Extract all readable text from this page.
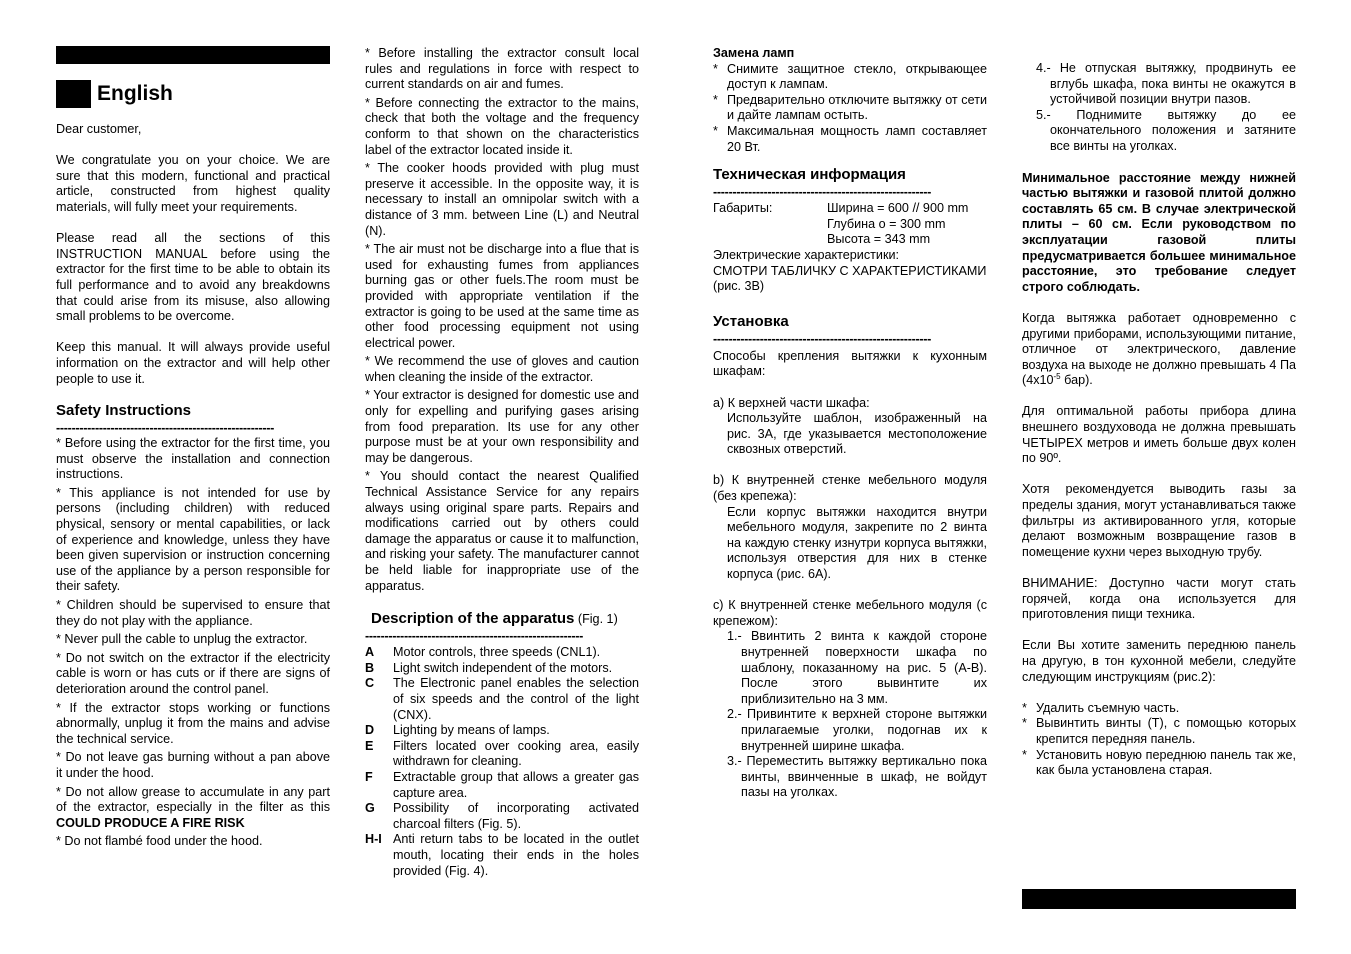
English

Dear customer,

We congratulate you on your choice. We are sure that this modern, functional and practical article, constructed from highest quality materials, will fully meet your requirements.

Please read all the sections of this INSTRUCTION MANUAL before using the extractor for the first time to be able to obtain its full performance and to avoid any breakdowns that could arise from its misuse, also allowing small problems to be overcome.

Keep this manual. It will always provide useful information on the extractor and will help other people to use it.

Safety Instructions
--------------------------------------------------------

* Before using the extractor for the first time, you must observe the installation and connection instructions.

* This appliance is not intended for use by persons (including children) with reduced physical, sensory or mental capabilities, or lack of experience and knowledge, unless they have been given supervision or instruction concerning use of the appliance by a person responsible for their safety.

* Children should be supervised to ensure that they do not play with the appliance.

* Never pull the cable to unplug the extractor.

* Do not switch on the extractor if the electricity cable is worn or has cuts or if there are signs of deterioration around the control panel.

* If the extractor stops working or functions abnormally, unplug it from the mains and advise the technical service.

* Do not leave gas burning without a pan above it under the hood.

* Do not allow grease to accumulate in any part of the extractor, especially in the filter as this COULD PRODUCE A FIRE RISK

* Do not flambé food under the hood.

* Before installing the extractor consult local rules and regulations in force with respect to current standards on air and fumes.

* Before connecting the extractor to the mains, check that both the voltage and the frequency conform to that shown on the characteristics label of the extractor located inside it.

* The cooker hoods provided with plug must preserve it accessible. In the opposite way, it is necessary to install an omnipolar switch with a distance of 3 mm. between Line (L) and Neutral (N).

* The air must not be discharge into a flue that is used for exhausting fumes from appliances burning gas or other fuels.The room must be provided with appropriate ventilation if the extractor is going to be used at the same time as other food processing equipment not using electrical power.

* We recommend the use of gloves and caution when cleaning the inside of the extractor.

* Your extractor is designed for domestic use and only for expelling and purifying gases arising from food preparation. Its use for any other purpose must be at your own responsibility and may be dangerous.

* You should contact the nearest Qualified Technical Assistance Service for any repairs always using original spare parts. Repairs and modifications carried out by others could damage the apparatus or cause it to malfunction, and risking your safety. The manufacturer cannot be held liable for inappropriate use of the apparatus.

Description of the apparatus (Fig. 1)
--------------------------------------------------------
A	Motor controls, three speeds (CNL1).
B	Light switch independent of the motors.
C	The Electronic panel enables the selection of six speeds and the control of the light (CNX).
D	Lighting by means of lamps.
E	Filters located over cooking area, easily withdrawn for cleaning.
F	Extractable group that allows a greater gas capture area.
G	Possibility of incorporating activated charcoal filters (Fig. 5).
H-I Anti return tabs to be located in the outlet mouth, locating their ends in the holes provided (Fig. 4).
Замена ламп
* Снимите защитное стекло, открывающее доступ к лампам.
* Предварительно отключите вытяжку от сети и дайте лампам остыть.
* Максимальная мощность ламп составляет 20 Вт.
Техническая информация
--------------------------------------------------------
Габариты:	Ширина = 600 // 900 mm
Глубина о = 300 mm
Высота = 343 mm
Электрические характеристики:
СМОТРИ ТАБЛИЧКУ С ХАРАКТЕРИСТИКАМИ (рис. 3В)
Установка
--------------------------------------------------------

Способы крепления вытяжки к кухонным шкафам:

a) К верхней части шкафа:
Используйте шаблон, изображенный на рис. 3А, где указывается местоположение сквозных отверстий.
b) К внутренней стенке мебельного модуля (без крепежа):
Если корпус вытяжки находится внутри мебельного модуля, закрепите по 2 винта на каждую стенку изнутри корпуса вытяжки, используя отверстия для них в стенке корпуса (рис. 6А).
c) К внутренней стенке мебельного модуля (с крепежом):
1.- Ввинтить 2 винта к каждой стороне внутренней поверхности шкафа по шаблону, показанному на рис. 5 (А-В). После этого вывинтите их приблизительно на 3 мм.
2.- Привинтите к верхней стороне вытяжки прилагаемые уголки, подогнав их к внутренней ширине шкафа.
3.- Переместить вытяжку вертикально пока винты, ввинченные в шкаф, не войдут пазы на уголках.
4.- Не отпуская вытяжку, продвинуть ее вглубь шкафа, пока винты не окажутся в устойчивой позиции внутри пазов.
5.- Поднимите вытяжку до ее окончательного положения и затяните все винты на уголках.

Минимальное расстояние между нижней частью вытяжки и газовой плитой должно составлять 65 см. В случае электрической плиты – 60 см. Если руководством по эксплуатации газовой плиты предусматривается большее минимальное расстояние, это требование следует строго соблюдать.

Когда вытяжка работает одновременно с другими приборами, использующими питание, отличное от электрического, давление воздуха на выходе не должно превышать 4 Па ($4x10^{-5}$ бар).

Для оптимальной работы прибора длина внешнего воздуховода не должна превышать ЧЕТЫРЕХ метров и иметь больше двух колен по 90º.

Хотя рекомендуется выводить газы за пределы здания, могут устанавливаться также фильтры из активированного угля, которые делают возможным возвращение газов в помещение кухни через выходную трубу.

ВНИМАНИЕ: Доступно части могут стать горячей, когда она используется для приготовления пищи техника.

Если Вы хотите заменить переднюю панель на другую, в тон кухонной мебели, следуйте следующим инструкциям (рис.2):

* Удалить съемную часть.
* Вывинтить винты (T), с помощью которых крепится передняя панель.
* Установить новую переднюю панель так же, как была установлена старая.
